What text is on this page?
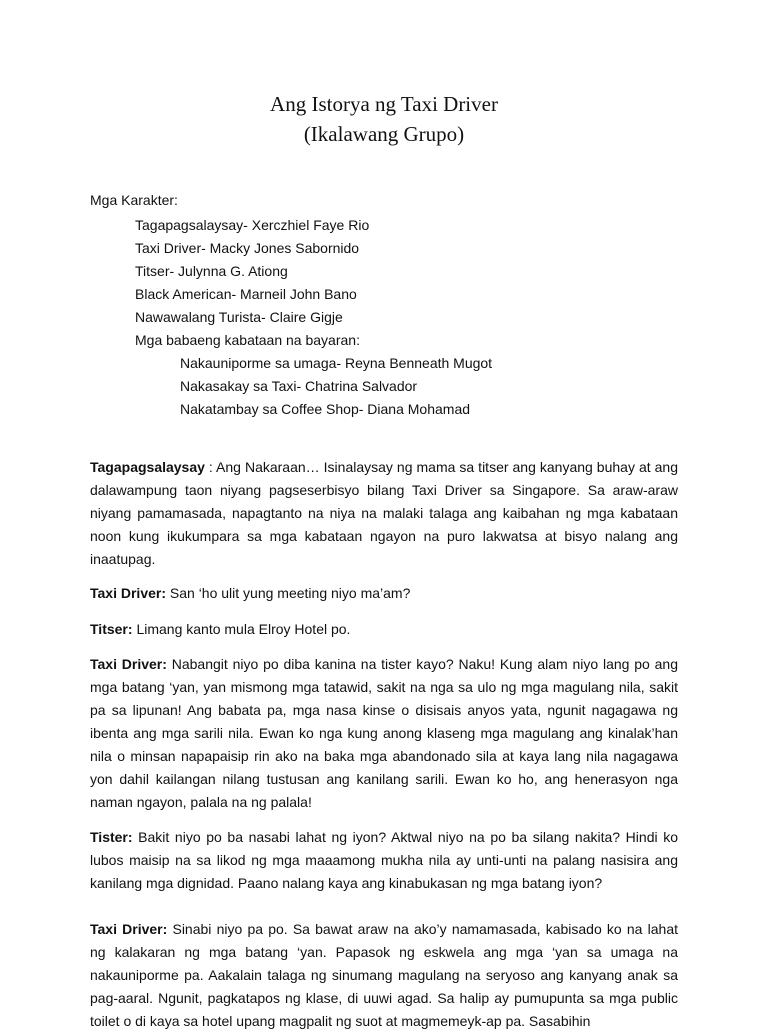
Ang Istorya ng Taxi Driver
(Ikalawang Grupo)
Mga Karakter:
Tagapagsalaysay- Xerczhiel Faye Rio
Taxi Driver- Macky Jones Sabornido
Titser- Julynna G. Ationg
Black American- Marneil John Bano
Nawawalang Turista- Claire Gigje
Mga babaeng kabataan na bayaran:
Nakauniporme sa umaga- Reyna Benneath Mugot
Nakasakay sa Taxi- Chatrina Salvador
Nakatambay sa Coffee Shop- Diana Mohamad

Tagapagsalaysay : Ang Nakaraan… Isinalaysay ng mama sa titser ang kanyang buhay at ang dalawampung taon niyang pagseserbisyo bilang Taxi Driver sa Singapore. Sa araw-araw niyang pamamasada, napagtanto na niya na malaki talaga ang kaibahan ng mga kabataan noon kung ikukumpara sa mga kabataan ngayon na puro lakwatsa at bisyo nalang ang inaatupag.

Taxi Driver: San ‘ho ulit yung meeting niyo ma’am?

Titser: Limang kanto mula Elroy Hotel po.

Taxi Driver: Nabangit niyo po diba kanina na tister kayo? Naku! Kung alam niyo lang po ang mga batang ‘yan, yan mismong mga tatawid, sakit na nga sa ulo ng mga magulang nila, sakit pa sa lipunan! Ang babata pa, mga nasa kinse o disisais anyos yata, ngunit nagagawa ng ibenta ang mga sarili nila. Ewan ko nga kung anong klaseng mga magulang ang kinalak’han nila o minsan napapaisip rin ako na baka mga abandonado sila at kaya lang nila nagagawa yon dahil kailangan nilang tustusan ang kanilang sarili. Ewan ko ho, ang henerasyon nga naman ngayon, palala na ng palala!

Tister: Bakit niyo po ba nasabi lahat ng iyon? Aktwal niyo na po ba silang nakita? Hindi ko lubos maisip na sa likod ng mga maaamong mukha nila ay unti-unti na palang nasisira ang kanilang mga dignidad. Paano nalang kaya ang kinabukasan ng mga batang iyon?

Taxi Driver: Sinabi niyo pa po. Sa bawat araw na ako’y namamasada, kabisado ko na lahat ng kalakaran ng mga batang ‘yan. Papasok ng eskwela ang mga ‘yan sa umaga na nakauniporme pa. Aakalain talaga ng sinumang magulang na seryoso ang kanyang anak sa pag-aaral. Ngunit, pagkatapos ng klase, di uuwi agad. Sa halip ay pumupunta sa mga public toilet o di kaya sa hotel upang magpalit ng suot at magmemeyk-ap pa. Sasabihin
